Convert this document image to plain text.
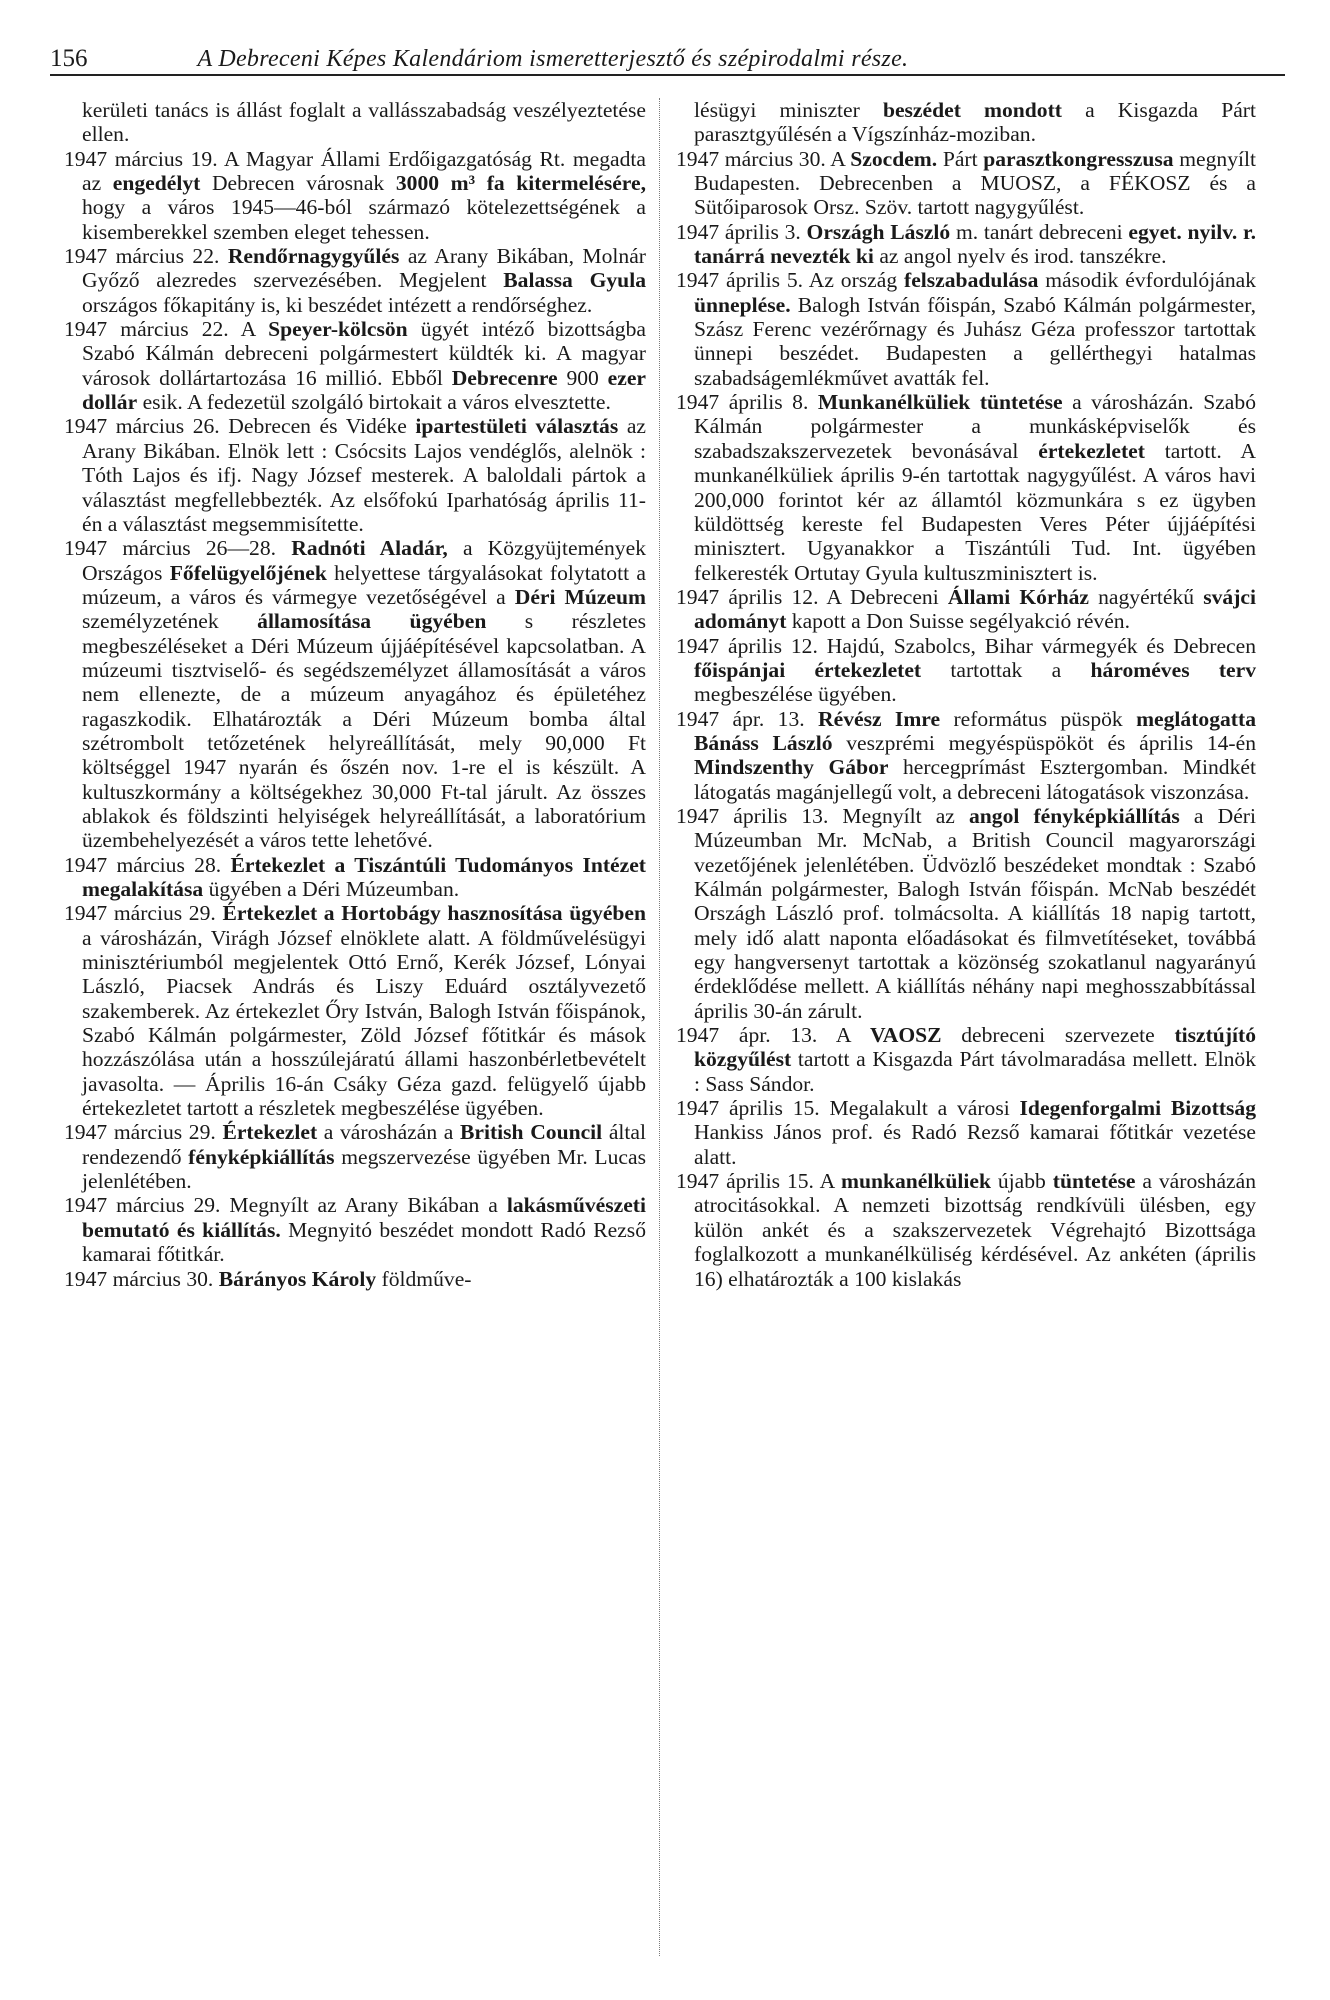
156	A Debreceni Képes Kalendáriom ismeretterjesztő és szépirodalmi része.

kerületi tanács is állást foglalt a vallásszabadság veszélyeztetése ellen.

1947 március 19. A Magyar Állami Erdőigazgatóság Rt. megadta az engedélyt Debrecen városnak 3000 m³ fa kitermelésére, hogy a város 1945—46-ból származó kötelezettségének a kisemberekkel szemben eleget tehessen.

1947 március 22. Rendőrnagygyűlés az Arany Bikában, Molnár Győző alezredes szervezésében. Megjelent Balassa Gyula országos főkapitány is, ki beszédet intézett a rendőrséghez.

1947 március 22. A Speyer-kölcsön ügyét intéző bizottságba Szabó Kálmán debreceni polgármestert küldték ki. A magyar városok dollártartozása 16 millió. Ebből Debrecenre 900 ezer dollár esik. A fedezetül szolgáló birtokait a város elvesztette.

1947 március 26. Debrecen és Vidéke ipartestületi választás az Arany Bikában. Elnök lett : Csócsits Lajos vendéglős, alelnök : Tóth Lajos és ifj. Nagy József mesterek. A baloldali pártok a választást megfellebbezték. Az elsőfokú Iparhatóság április 11-én a választást megsemmisítette.

1947 március 26—28. Radnóti Aladár, a Közgyüjtemények Országos Főfelügyelőjének helyettese tárgyalásokat folytatott a múzeum, a város és vármegye vezetőségével a Déri Múzeum személyzetének államosítása ügyében s részletes megbeszéléseket a Déri Múzeum újjáépítésével kapcsolatban. A múzeumi tisztviselő- és segédszemélyzet államosítását a város nem ellenezte, de a múzeum anyagához és épületéhez ragaszkodik. Elhatározták a Déri Múzeum bomba által szétrombolt tetőzetének helyreállítását, mely 90,000 Ft költséggel 1947 nyarán és őszén nov. 1-re el is készült. A kultuszkormány a költségekhez 30,000 Ft-tal járult. Az összes ablakok és földszinti helyiségek helyreállítását, a laboratórium üzembehelyezését a város tette lehetővé.

1947 március 28. Értekezlet a Tiszántúli Tudományos Intézet megalakítása ügyében a Déri Múzeumban.

1947 március 29. Értekezlet a Hortobágy hasznosítása ügyében a városházán, Virágh József elnöklete alatt. A földművelésügyi minisztériumból megjelentek Ottó Ernő, Kerék József, Lónyai László, Piacsek András és Liszy Eduárd osztályvezető szakemberek. Az értekezlet Őry István, Balogh István főispánok, Szabó Kálmán polgármester, Zöld József főtitkár és mások hozzászólása után a hosszúlejáratú állami haszonbérletbevételt javasolta. — Április 16-án Csáky Géza gazd. felügyelő újabb értekezletet tartott a részletek megbeszélése ügyében.

1947 március 29. Értekezlet a városházán a British Council által rendezendő fényképkiállítás megszervezése ügyében Mr. Lucas jelenlétében.

1947 március 29. Megnyílt az Arany Bikában a lakásművészeti bemutató és kiállítás. Megnyitó beszédet mondott Radó Rezső kamarai főtitkár.

1947 március 30. Bárányos Károly földműve-

lésügyi miniszter beszédet mondott a Kisgazda Párt parasztgyűlésén a Vígszínház-moziban.

1947 március 30. A Szocdem. Párt parasztkongresszusa megnyílt Budapesten. Debrecenben a MUOSZ, a FÉKOSZ és a Sütőiparosok Orsz. Szöv. tartott nagygyűlést.

1947 április 3. Országh László m. tanárt debreceni egyet. nyilv. r. tanárrá nevezték ki az angol nyelv és irod. tanszékre.

1947 április 5. Az ország felszabadulása második évfordulójának ünneplése. Balogh István főispán, Szabó Kálmán polgármester, Szász Ferenc vezérőrnagy és Juhász Géza professzor tartottak ünnepi beszédet. Budapesten a gellérthegyi hatalmas szabadságemlékművet avatták fel.

1947 április 8. Munkanélküliek tüntetése a városházán. Szabó Kálmán polgármester a munkásképviselők és szabadszakszervezetek bevonásával értekezletet tartott. A munkanélküliek április 9-én tartottak nagygyűlést. A város havi 200,000 forintot kér az államtól közmunkára s ez ügyben küldöttség kereste fel Budapesten Veres Péter újjáépítési minisztert. Ugyanakkor a Tiszántúli Tud. Int. ügyében felkeresték Ortutay Gyula kultuszminisztert is.

1947 április 12. A Debreceni Állami Kórház nagyértékű svájci adományt kapott a Don Suisse segélyakció révén.

1947 április 12. Hajdú, Szabolcs, Bihar vármegyék és Debrecen főispánjai értekezletet tartottak a hároméves terv megbeszélése ügyében.

1947 ápr. 13. Révész Imre református püspök meglátogatta Bánáss László veszprémi megyéspüspököt és április 14-én Mindszenthy Gábor hercegprímást Esztergomban. Mindkét látogatás magánjellegű volt, a debreceni látogatások viszonzása.

1947 április 13. Megnyílt az angol fényképkiállítás a Déri Múzeumban Mr. McNab, a British Council magyarországi vezetőjének jelenlétében. Üdvözlő beszédeket mondtak : Szabó Kálmán polgármester, Balogh István főispán. McNab beszédét Országh László prof. tolmácsolta. A kiállítás 18 napig tartott, mely idő alatt naponta előadásokat és filmvetítéseket, továbbá egy hangversenyt tartottak a közönség szokatlanul nagyarányú érdeklődése mellett. A kiállítás néhány napi meghosszabbítással április 30-án zárult.

1947 ápr. 13. A VAOSZ debreceni szervezete tisztújító közgyűlést tartott a Kisgazda Párt távolmaradása mellett. Elnök : Sass Sándor.

1947 április 15. Megalakult a városi Idegenforgalmi Bizottság Hankiss János prof. és Radó Rezső kamarai főtitkár vezetése alatt.

1947 április 15. A munkanélküliek újabb tüntetése a városházán atrocitásokkal. A nemzeti bizottság rendkívüli ülésben, egy külön ankét és a szakszervezetek Végrehajtó Bizottsága foglalkozott a munkanélküliség kérdésével. Az ankéten (április 16) elhatározták a 100 kislakás
